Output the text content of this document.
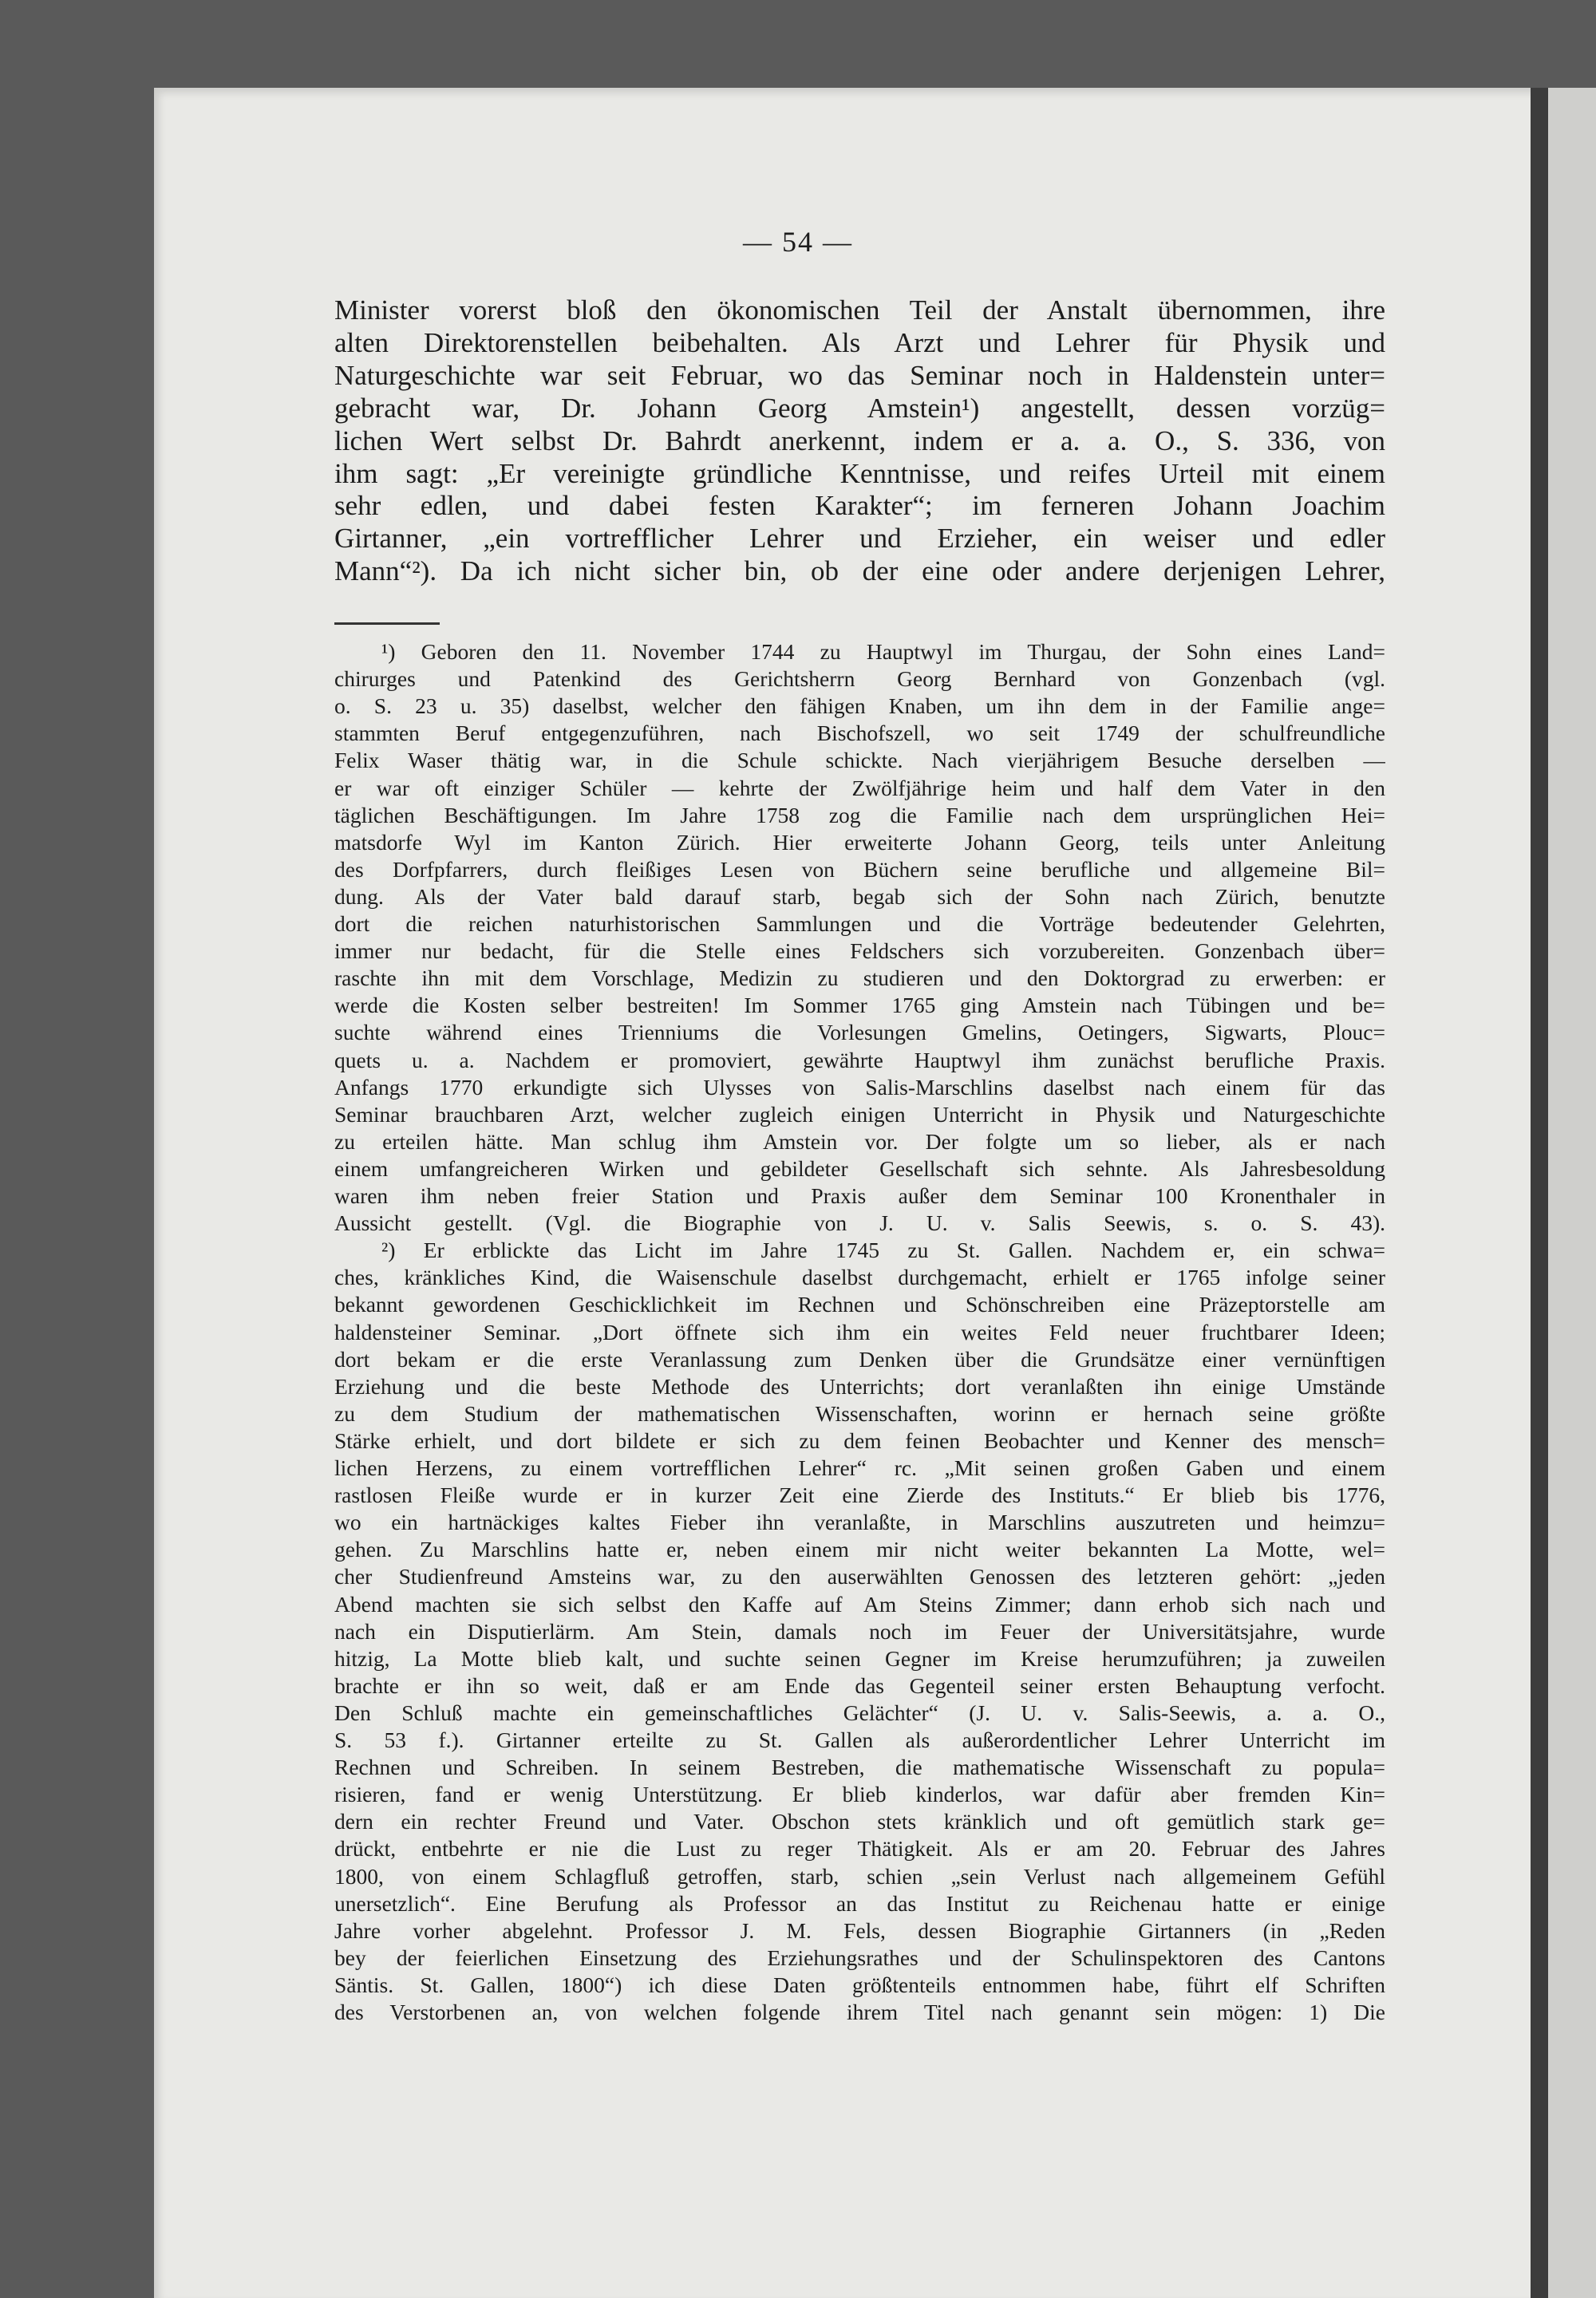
— 54 —
Minister vorerst bloß den ökonomischen Teil der Anstalt übernommen, ihre
alten Direktorenstellen beibehalten. Als Arzt und Lehrer für Physik und
Naturgeschichte war seit Februar, wo das Seminar noch in Haldenstein unter=
gebracht war, Dr. Johann Georg Amstein¹) angestellt, dessen vorzüg=
lichen Wert selbst Dr. Bahrdt anerkennt, indem er a. a. O., S. 336, von
ihm sagt: „Er vereinigte gründliche Kenntnisse, und reifes Urteil mit einem
sehr edlen, und dabei festen Karakter“; im ferneren Johann Joachim
Girtanner, „ein vortrefflicher Lehrer und Erzieher, ein weiser und edler
Mann“²). Da ich nicht sicher bin, ob der eine oder andere derjenigen Lehrer,
¹) Geboren den 11. November 1744 zu Hauptwyl im Thurgau, der Sohn eines Land=
chirurges und Patenkind des Gerichtsherrn Georg Bernhard von Gonzenbach (vgl.
o. S. 23 u. 35) daselbst, welcher den fähigen Knaben, um ihn dem in der Familie ange=
stammten Beruf entgegenzuführen, nach Bischofszell, wo seit 1749 der schulfreundliche
Felix Waser thätig war, in die Schule schickte. Nach vierjährigem Besuche derselben —
er war oft einziger Schüler — kehrte der Zwölfjährige heim und half dem Vater in den
täglichen Beschäftigungen. Im Jahre 1758 zog die Familie nach dem ursprünglichen Hei=
matsdorfe Wyl im Kanton Zürich. Hier erweiterte Johann Georg, teils unter Anleitung
des Dorfpfarrers, durch fleißiges Lesen von Büchern seine berufliche und allgemeine Bil=
dung. Als der Vater bald darauf starb, begab sich der Sohn nach Zürich, benutzte
dort die reichen naturhistorischen Sammlungen und die Vorträge bedeutender Gelehrten,
immer nur bedacht, für die Stelle eines Feldschers sich vorzubereiten. Gonzenbach über=
raschte ihn mit dem Vorschlage, Medizin zu studieren und den Doktorgrad zu erwerben: er
werde die Kosten selber bestreiten! Im Sommer 1765 ging Amstein nach Tübingen und be=
suchte während eines Trienniums die Vorlesungen Gmelins, Oetingers, Sigwarts, Plouc=
quets u. a. Nachdem er promoviert, gewährte Hauptwyl ihm zunächst berufliche Praxis.
Anfangs 1770 erkundigte sich Ulysses von Salis-Marschlins daselbst nach einem für das
Seminar brauchbaren Arzt, welcher zugleich einigen Unterricht in Physik und Naturgeschichte
zu erteilen hätte. Man schlug ihm Amstein vor. Der folgte um so lieber, als er nach
einem umfangreicheren Wirken und gebildeter Gesellschaft sich sehnte. Als Jahresbesoldung
waren ihm neben freier Station und Praxis außer dem Seminar 100 Kronenthaler in
Aussicht gestellt. (Vgl. die Biographie von J. U. v. Salis Seewis, s. o. S. 43).
²) Er erblickte das Licht im Jahre 1745 zu St. Gallen. Nachdem er, ein schwa=
ches, kränkliches Kind, die Waisenschule daselbst durchgemacht, erhielt er 1765 infolge seiner
bekannt gewordenen Geschicklichkeit im Rechnen und Schönschreiben eine Präzeptorstelle am
haldensteiner Seminar. „Dort öffnete sich ihm ein weites Feld neuer fruchtbarer Ideen;
dort bekam er die erste Veranlassung zum Denken über die Grundsätze einer vernünftigen
Erziehung und die beste Methode des Unterrichts; dort veranlaßten ihn einige Umstände
zu dem Studium der mathematischen Wissenschaften, worinn er hernach seine größte
Stärke erhielt, und dort bildete er sich zu dem feinen Beobachter und Kenner des mensch=
lichen Herzens, zu einem vortrefflichen Lehrer“ rc. „Mit seinen großen Gaben und einem
rastlosen Fleiße wurde er in kurzer Zeit eine Zierde des Instituts.“ Er blieb bis 1776,
wo ein hartnäckiges kaltes Fieber ihn veranlaßte, in Marschlins auszutreten und heimzu=
gehen. Zu Marschlins hatte er, neben einem mir nicht weiter bekannten La Motte, wel=
cher Studienfreund Amsteins war, zu den auserwählten Genossen des letzteren gehört: „jeden
Abend machten sie sich selbst den Kaffe auf Am Steins Zimmer; dann erhob sich nach und
nach ein Disputierlärm. Am Stein, damals noch im Feuer der Universitätsjahre, wurde
hitzig, La Motte blieb kalt, und suchte seinen Gegner im Kreise herumzuführen; ja zuweilen
brachte er ihn so weit, daß er am Ende das Gegenteil seiner ersten Behauptung verfocht.
Den Schluß machte ein gemeinschaftliches Gelächter“ (J. U. v. Salis-Seewis, a. a. O.,
S. 53 f.). Girtanner erteilte zu St. Gallen als außerordentlicher Lehrer Unterricht im
Rechnen und Schreiben. In seinem Bestreben, die mathematische Wissenschaft zu popula=
risieren, fand er wenig Unterstützung. Er blieb kinderlos, war dafür aber fremden Kin=
dern ein rechter Freund und Vater. Obschon stets kränklich und oft gemütlich stark ge=
drückt, entbehrte er nie die Lust zu reger Thätigkeit. Als er am 20. Februar des Jahres
1800, von einem Schlagfluß getroffen, starb, schien „sein Verlust nach allgemeinem Gefühl
unersetzlich“. Eine Berufung als Professor an das Institut zu Reichenau hatte er einige
Jahre vorher abgelehnt. Professor J. M. Fels, dessen Biographie Girtanners (in „Reden
bey der feierlichen Einsetzung des Erziehungsrathes und der Schulinspektoren des Cantons
Säntis. St. Gallen, 1800“) ich diese Daten größtenteils entnommen habe, führt elf Schriften
des Verstorbenen an, von welchen folgende ihrem Titel nach genannt sein mögen: 1) Die
